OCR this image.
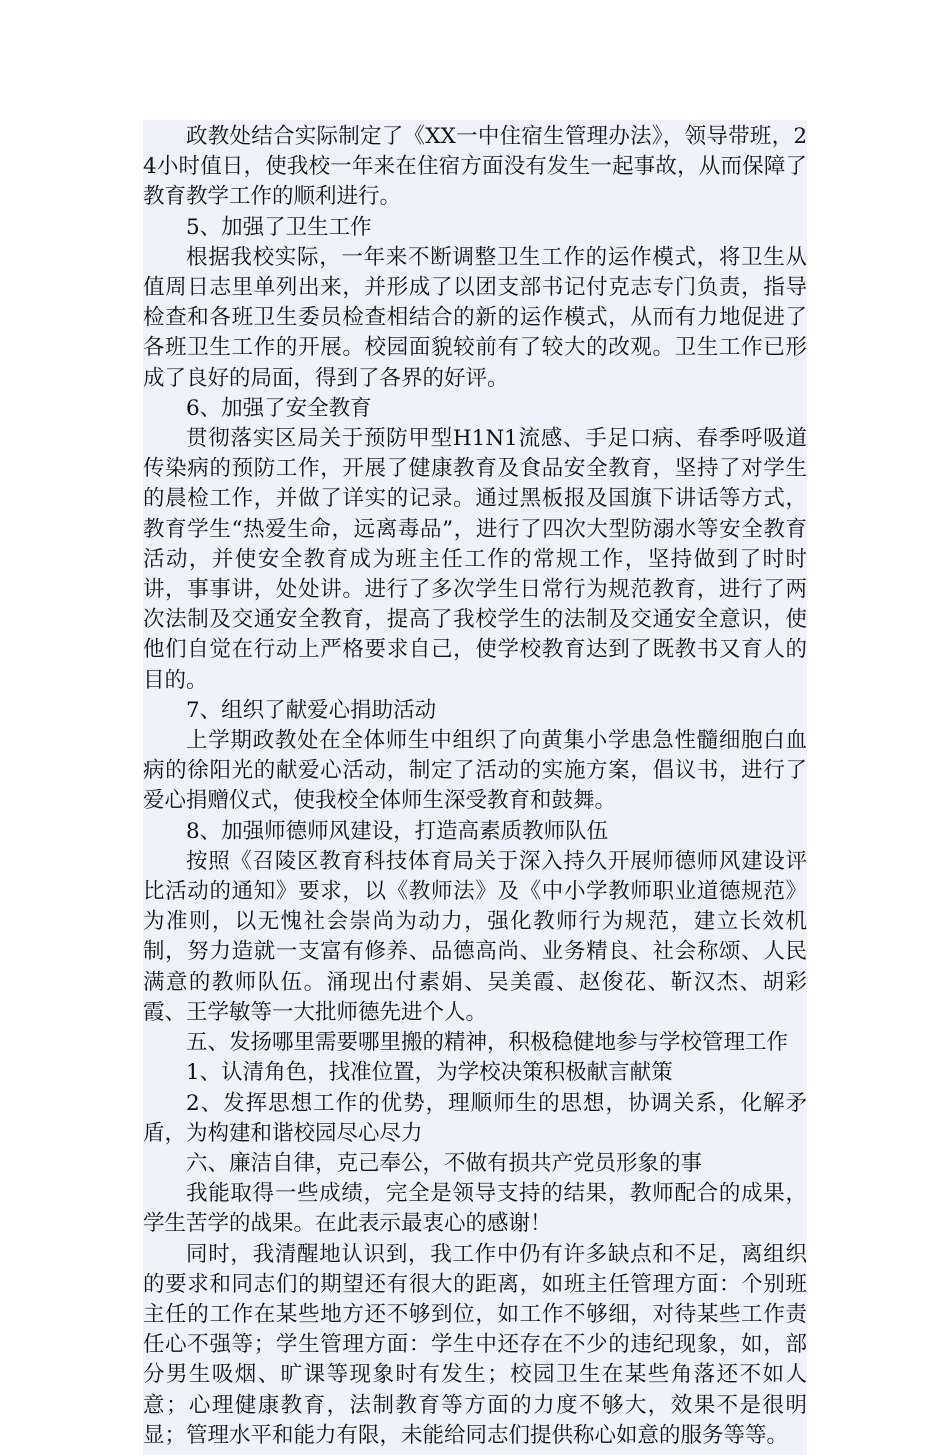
政教处结合实际制定了《XX一中住宿生管理办法》，领导带班，24小时值日，使我校一年来在住宿方面没有发生一起事故，从而保障了教育教学工作的顺利进行。

5、加强了卫生工作

根据我校实际，一年来不断调整卫生工作的运作模式，将卫生从值周日志里单列出来，并形成了以团支部书记付克志专门负责，指导检查和各班卫生委员检查相结合的新的运作模式，从而有力地促进了各班卫生工作的开展。校园面貌较前有了较大的改观。卫生工作已形成了良好的局面，得到了各界的好评。

6、加强了安全教育

贯彻落实区局关于预防甲型H1N1流感、手足口病、春季呼吸道传染病的预防工作，开展了健康教育及食品安全教育，坚持了对学生的晨检工作，并做了详实的记录。通过黑板报及国旗下讲话等方式，教育学生“热爱生命，远离毒品”，进行了四次大型防溺水等安全教育活动，并使安全教育成为班主任工作的常规工作，坚持做到了时时讲，事事讲，处处讲。进行了多次学生日常行为规范教育，进行了两次法制及交通安全教育，提高了我校学生的法制及交通安全意识，使他们自觉在行动上严格要求自己，使学校教育达到了既教书又育人的目的。

7、组织了献爱心捐助活动

上学期政教处在全体师生中组织了向黄集小学患急性髓细胞白血病的徐阳光的献爱心活动，制定了活动的实施方案，倡议书，进行了爱心捐赠仪式，使我校全体师生深受教育和鼓舞。

8、加强师德师风建设，打造高素质教师队伍

按照《召陵区教育科技体育局关于深入持久开展师德师风建设评比活动的通知》要求，以《教师法》及《中小学教师职业道德规范》为准则，以无愧社会崇尚为动力，强化教师行为规范，建立长效机制，努力造就一支富有修养、品德高尚、业务精良、社会称颂、人民满意的教师队伍。涌现出付素娟、吴美霞、赵俊花、靳汉杰、胡彩霞、王学敏等一大批师德先进个人。

五、发扬哪里需要哪里搬的精神，积极稳健地参与学校管理工作

1、认清角色，找准位置，为学校决策积极献言献策

2、发挥思想工作的优势，理顺师生的思想，协调关系，化解矛盾，为构建和谐校园尽心尽力

六、廉洁自律，克己奉公，不做有损共产党员形象的事

我能取得一些成绩，完全是领导支持的结果，教师配合的成果，学生苦学的战果。在此表示最衷心的感谢！

同时，我清醒地认识到，我工作中仍有许多缺点和不足，离组织的要求和同志们的期望还有很大的距离，如班主任管理方面：个别班主任的工作在某些地方还不够到位，如工作不够细，对待某些工作责任心不强等；学生管理方面：学生中还存在不少的违纪现象，如，部分男生吸烟、旷课等现象时有发生；校园卫生在某些角落还不如人意；心理健康教育，法制教育等方面的力度不够大，效果不是很明显；管理水平和能力有限，未能给同志们提供称心如意的服务等等。
